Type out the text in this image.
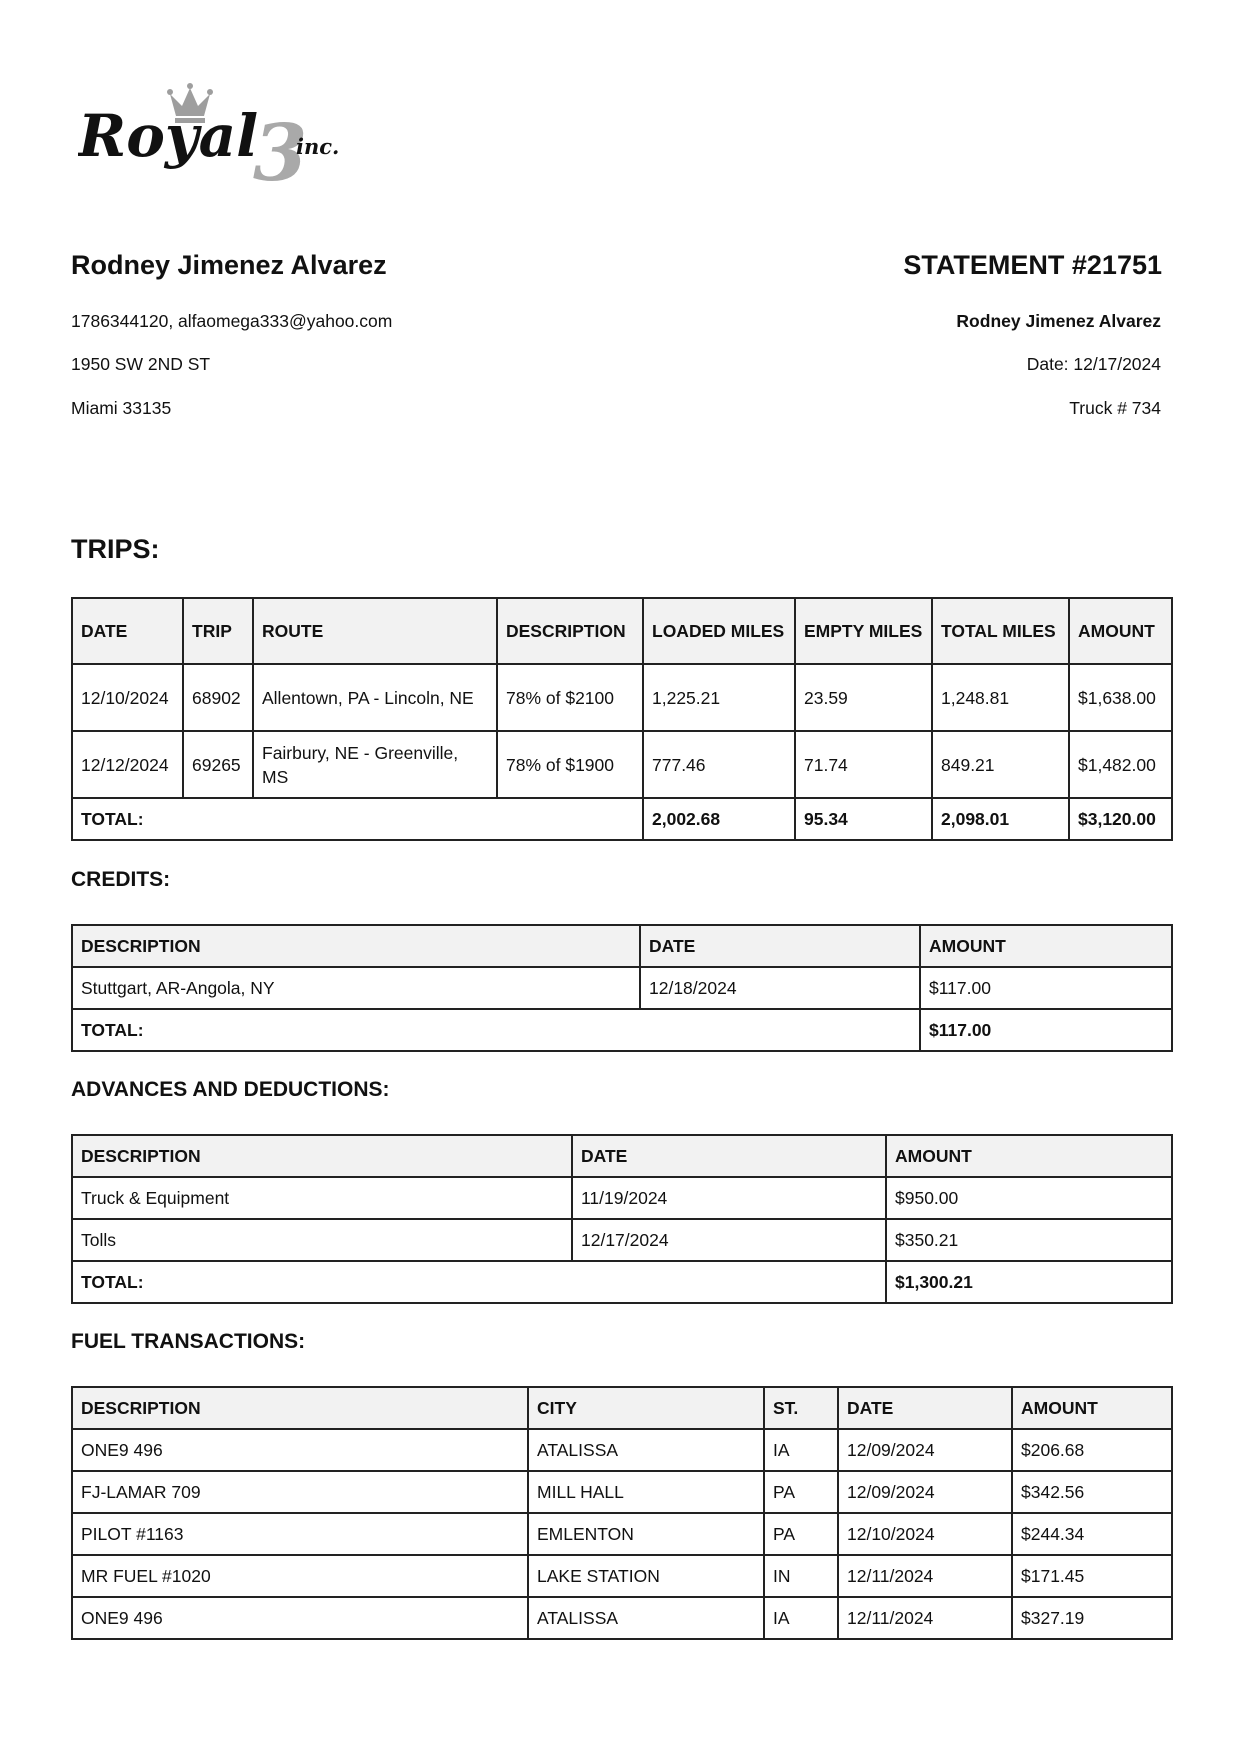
3
Royal inc.
Rodney Jimenez Alvarez
1786344120, alfaomega333@yahoo.com
1950 SW 2ND ST
Miami 33135
STATEMENT #21751
Rodney Jimenez Alvarez
Date: 12/17/2024
Truck # 734
TRIPS:
DATE	TRIP	ROUTE	DESCRIPTION	LOADED MILES	EMPTY MILES	TOTAL MILES	AMOUNT
12/10/2024	68902	Allentown, PA - Lincoln, NE	78% of $2100	1,225.21	23.59	1,248.81	$1,638.00
12/12/2024	69265	Fairbury, NE - Greenville, MS	78% of $1900	777.46	71.74	849.21	$1,482.00
TOTAL:				2,002.68	95.34	2,098.01	$3,120.00
CREDITS:
DESCRIPTION	DATE	AMOUNT
Stuttgart, AR-Angola, NY	12/18/2024	$117.00
TOTAL:		$117.00
ADVANCES AND DEDUCTIONS:
DESCRIPTION	DATE	AMOUNT
Truck & Equipment	11/19/2024	$950.00
Tolls	12/17/2024	$350.21
TOTAL:		$1,300.21
FUEL TRANSACTIONS:
DESCRIPTION	CITY	ST.	DATE	AMOUNT
ONE9 496	ATALISSA	IA	12/09/2024	$206.68
FJ-LAMAR 709	MILL HALL	PA	12/09/2024	$342.56
PILOT #1163	EMLENTON	PA	12/10/2024	$244.34
MR FUEL #1020	LAKE STATION	IN	12/11/2024	$171.45
ONE9 496	ATALISSA	IA	12/11/2024	$327.19
